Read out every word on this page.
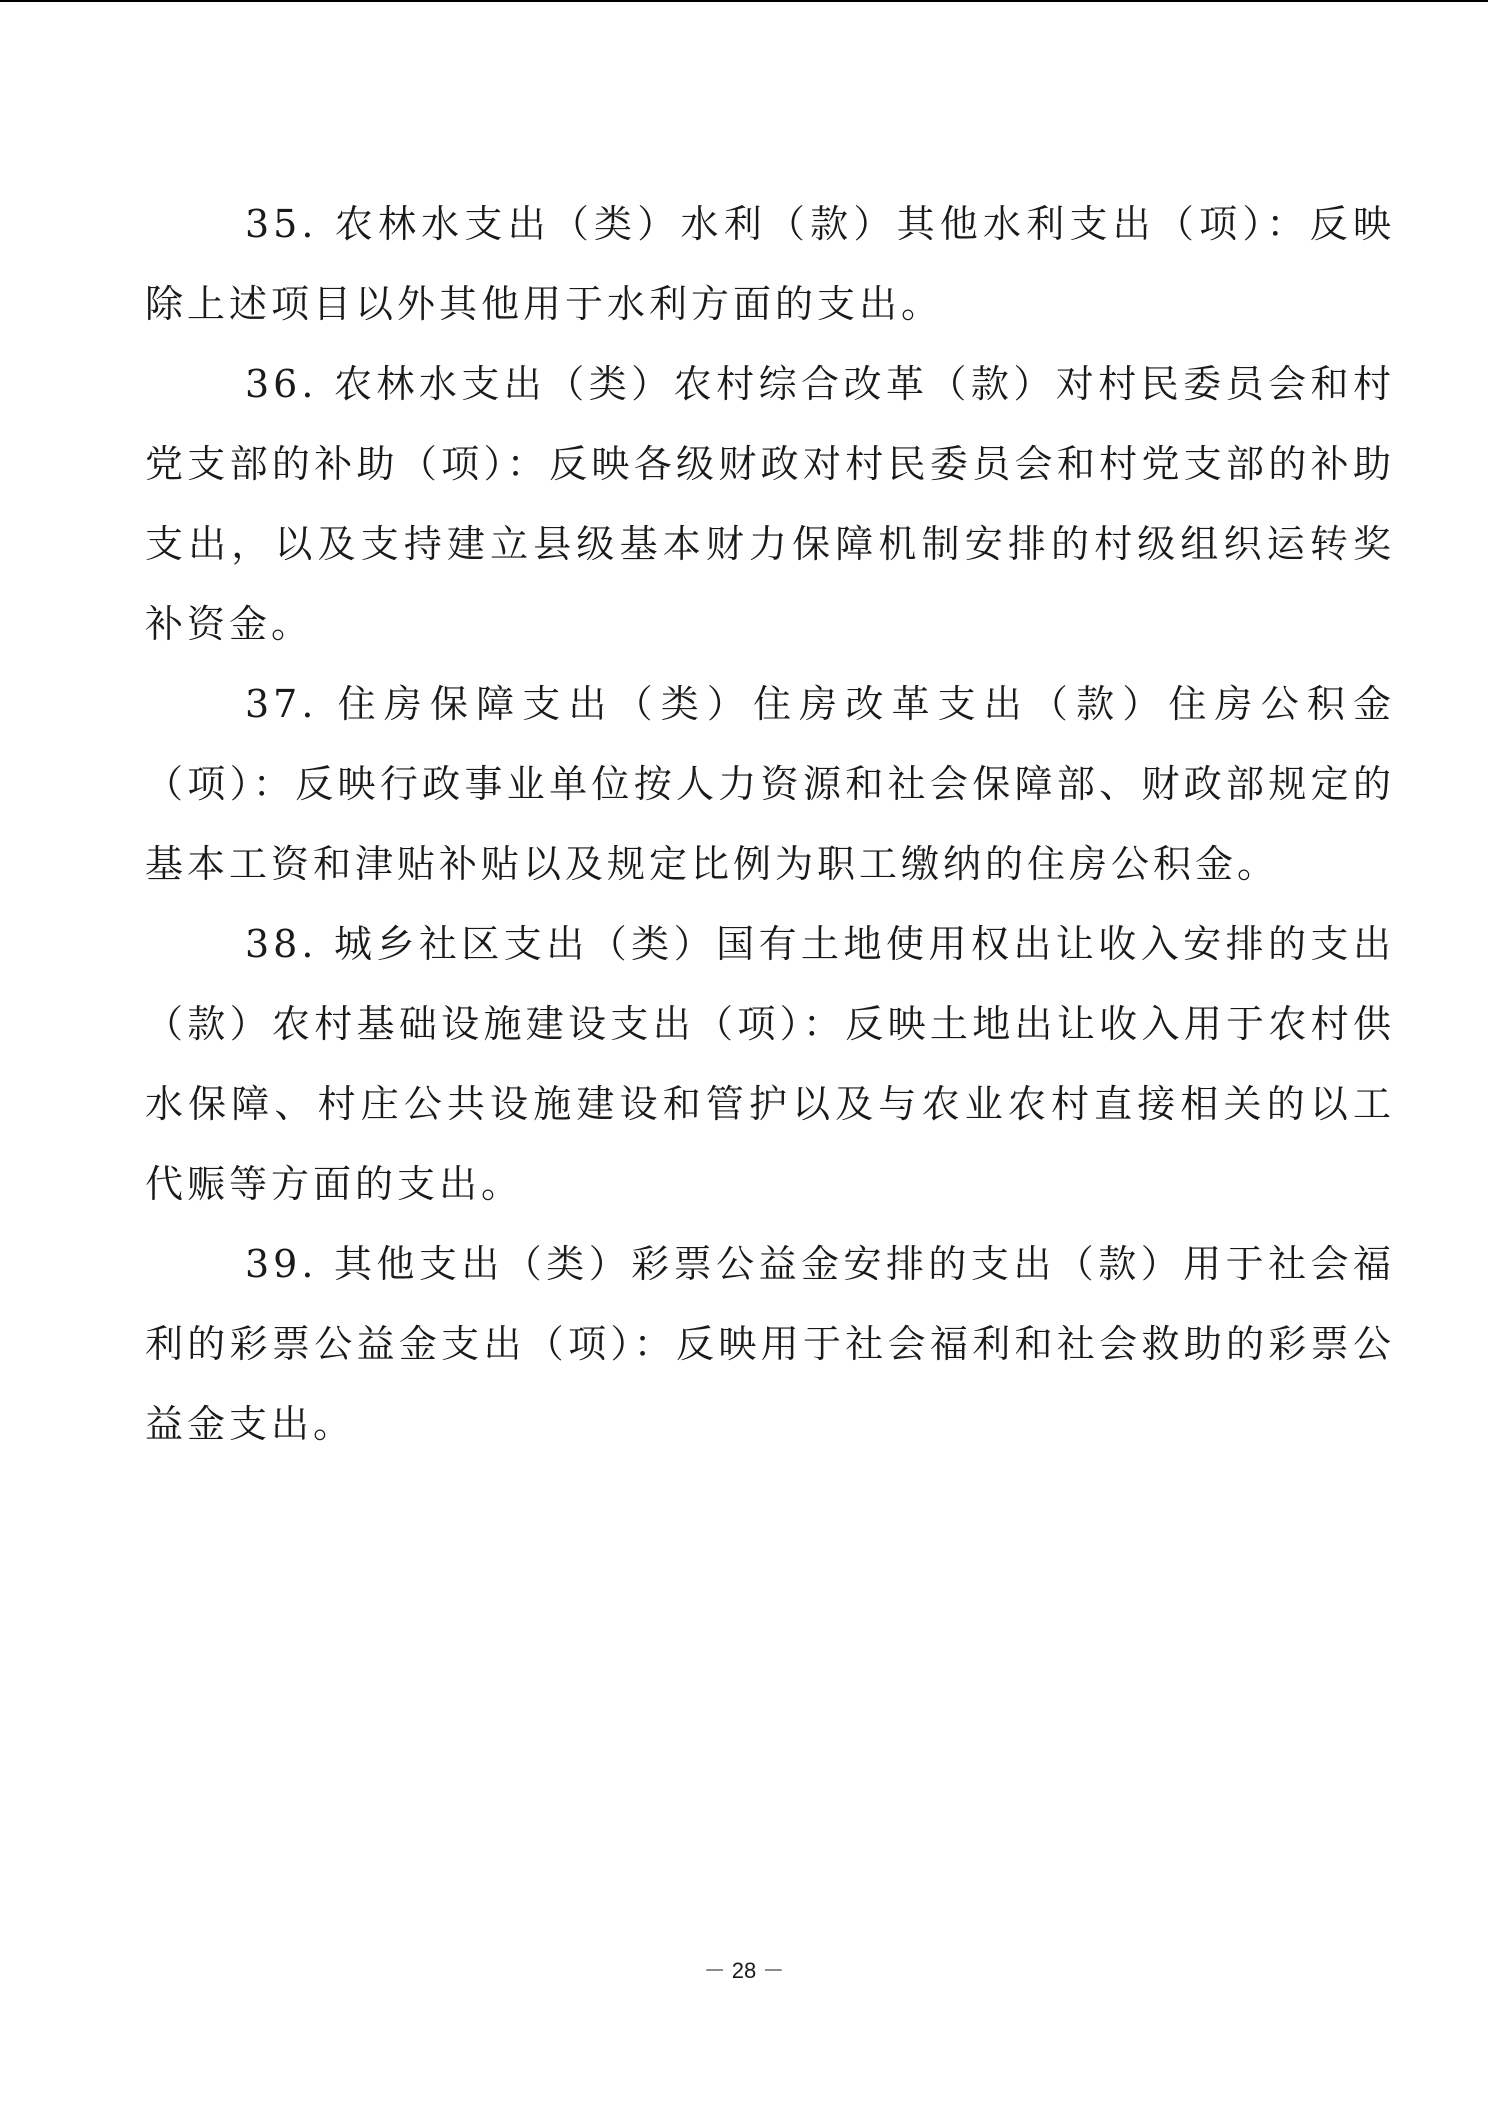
35. 农林水支出（类）水利（款）其他水利支出（项）：反映除上述项目以外其他用于水利方面的支出。

36. 农林水支出（类）农村综合改革（款）对村民委员会和村党支部的补助（项）：反映各级财政对村民委员会和村党支部的补助支出，以及支持建立县级基本财力保障机制安排的村级组织运转奖补资金。

37. 住房保障支出（类）住房改革支出（款）住房公积金（项）：反映行政事业单位按人力资源和社会保障部、财政部规定的 基本工资和津贴补贴以及规定比例为职工缴纳的住房公积金。

38. 城乡社区支出（类）国有土地使用权出让收入安排的支出（款）农村基础设施建设支出（项）：反映土地出让收入用于农村供水保障、村庄公共设施建设和管护以及与农业农村直接相关的以工代赈等方面的支出。

39. 其他支出（类）彩票公益金安排的支出（款）用于社会福利的彩票公益金支出（项）：反映用于社会福利和社会救助的彩票公益金支出。

－ 28 －
